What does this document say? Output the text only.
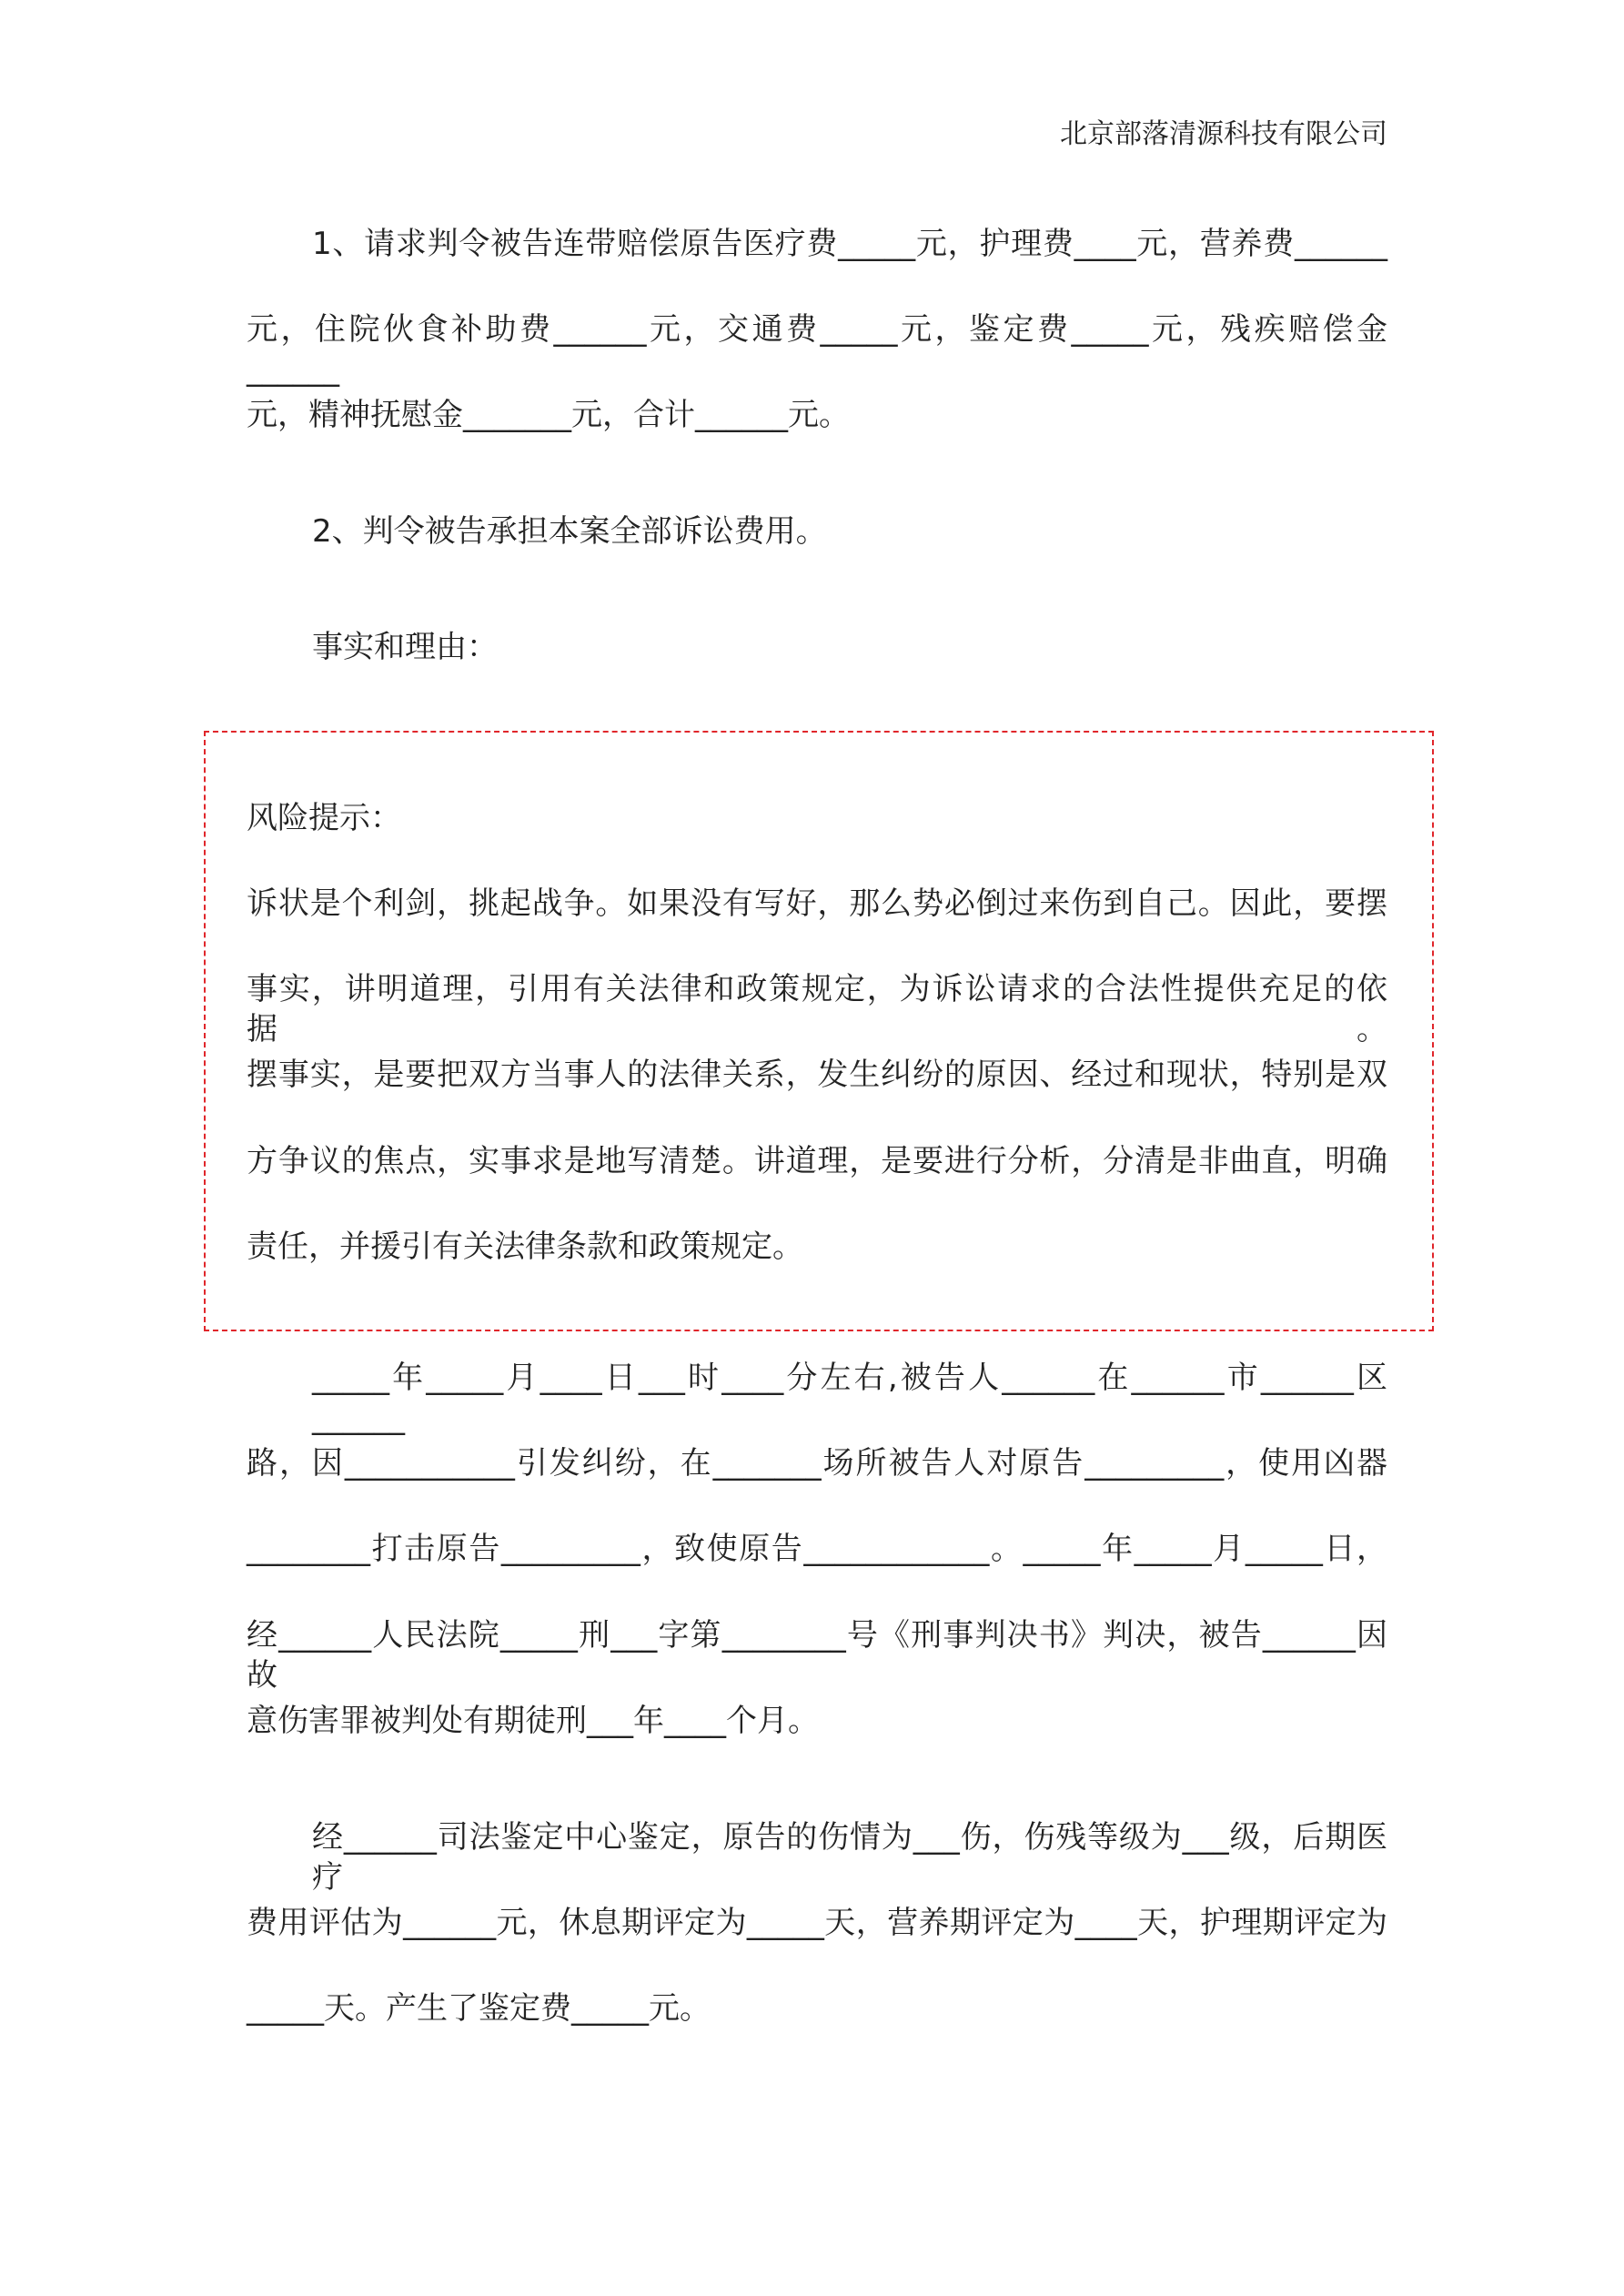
北京部落清源科技有限公司
1、请求判令被告连带赔偿原告医疗费_____元，护理费____元，营养费______
元，住院伙食补助费______元，交通费_____元，鉴定费_____元，残疾赔偿金______
元，精神抚慰金_______元，合计______元。
2、判令被告承担本案全部诉讼费用。
事实和理由：
风险提示：
诉状是个利剑，挑起战争。如果没有写好，那么势必倒过来伤到自己。因此，要摆
事实，讲明道理，引用有关法律和政策规定，为诉讼请求的合法性提供充足的依据。
摆事实，是要把双方当事人的法律关系，发生纠纷的原因、经过和现状，特别是双
方争议的焦点，实事求是地写清楚。讲道理，是要进行分析，分清是非曲直，明确
责任，并援引有关法律条款和政策规定。
_____年_____月____日___时____分左右,被告人______在______市______区______
路，因___________引发纠纷，在_______场所被告人对原告_________，使用凶器
________打击原告_________，致使原告____________。_____年_____月_____日，
经______人民法院_____刑___字第________号《刑事判决书》判决，被告______因故
意伤害罪被判处有期徒刑___年____个月。
经______司法鉴定中心鉴定，原告的伤情为___伤，伤残等级为___级，后期医疗
费用评估为______元，休息期评定为_____天，营养期评定为____天，护理期评定为
_____天。产生了鉴定费_____元。
